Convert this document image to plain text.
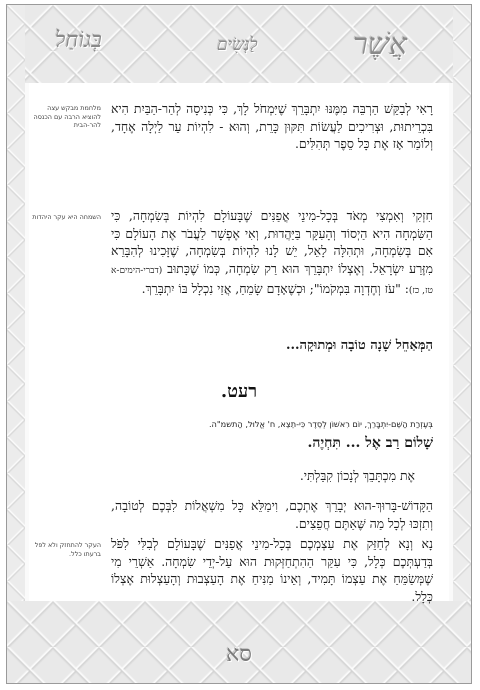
אֲשֶׁר
לַנְּשִׂים
בְּגוֹחַל
מלחמת מבקש עצה להוציא הרבה עם הכנסה להר-הבית
רָאִי לְבַקֵּשׁ הַרְבֵּה מִמֶּנּוּ יִתְבָּרֵךְ שֶׁיִּמְחֹל לָךְ, כִּי כְּנִיסָה לְהַר-הַבַּיִת הִיא בִּכְרֵיתוּת, וּצְרִיכִים לַעֲשׂוֹת תִּקּוּן כָּרֵת, וְהוּא - לִהְיוֹת עֵר לַיְלָה אֶחָד, וְלוֹמַר אָז אֶת כָּל סֵפֶר תְּהִלִּים.
השמחה היא עקר היהדות חִזְקִי וְאִמְצִי מְאֹד בְּכָל-מִינֵי אֳפַנִּים שֶׁבָּעוֹלָם לִהְיוֹת בְּשִׂמְחָה, כִּי הַשִּׂמְחָה הִיא הַיְסוֹד וְהָעִקָּר בַּיַּהֲדוּת, וְאִי אֶפְשָׁר לַעֲבֹר אֶת הָעוֹלָם כִּי אִם בְּשִׂמְחָה, וּתְהִלָּה לָאֵל, יֵשׁ לָנוּ לִהְיוֹת בְּשִׂמְחָה, שֶׁזָּכִינוּ לְהִבָּרֵא מִזֶּרַע יִשְׂרָאֵל. וְאֶצְלוֹ יִתְבָּרֵךְ הוּא רַק שִׂמְחָה, כְּמוֹ שֶׁכָּתוּב (דברי-הימים-א טז, כז): "עֹז וְחֶדְוָה בִּמְקֹמוֹ"; וּכְשֶׁאָדָם שָׂמֵחַ, אֲזַי נִכְלָל בּוֹ יִתְבָּרֵךְ.
הַמְּאַחֵל שָׁנָה טוֹבָה וּמְתוּקָה...
רעט.
בְּעֶזְרַת הַשֵּׁם-יִתְבָּרֵךְ, יוֹם רִאשׁוֹן לְסֵדֶר כִּי-תֵצֵא, ח' אֱלוּל, הַתשמ"ה.
שָׁלוֹם רַב אֶל ... תִּחְיֶה.
אֶת מִכְתָּבֵךְ לְנָכוֹן קִבַּלְתִּי.
הַקָּדוֹשׁ-בָּרוּךְ-הוּא יְבָרֵךְ אֶתְכֶם, וִימַלֵּא כָּל מִשְׁאֲלוֹת לִבְּכֶם לְטוֹבָה, וְתִזְכּוּ לְכָל מַה שֶּׁאַתֶּם חֲפֵצִים.
העקר להתחזק ולא לפל ברעתו כלל.
נָא וְנָא לְחַזֵּק אֶת עַצְמְכֶם בְּכָל-מִינֵי אֳפַנִּים שֶׁבָּעוֹלָם לְבִלִּי לִפֹּל בְּדַעְתְּכֶם כְּלָל, כִּי עִקַּר הַהִתְחַזְּקוּת הוּא עַל-יְדֵי שִׂמְחָה. אַשְׁרֵי מִי שֶׁמְּשַׂמֵּחַ אֶת עַצְמוֹ תָּמִיד, וְאֵינוֹ מַנִּיחַ אֶת הָעַצְבוּת וְהָעַצְלוּת אֶצְלוֹ כְּלָל.
סא
